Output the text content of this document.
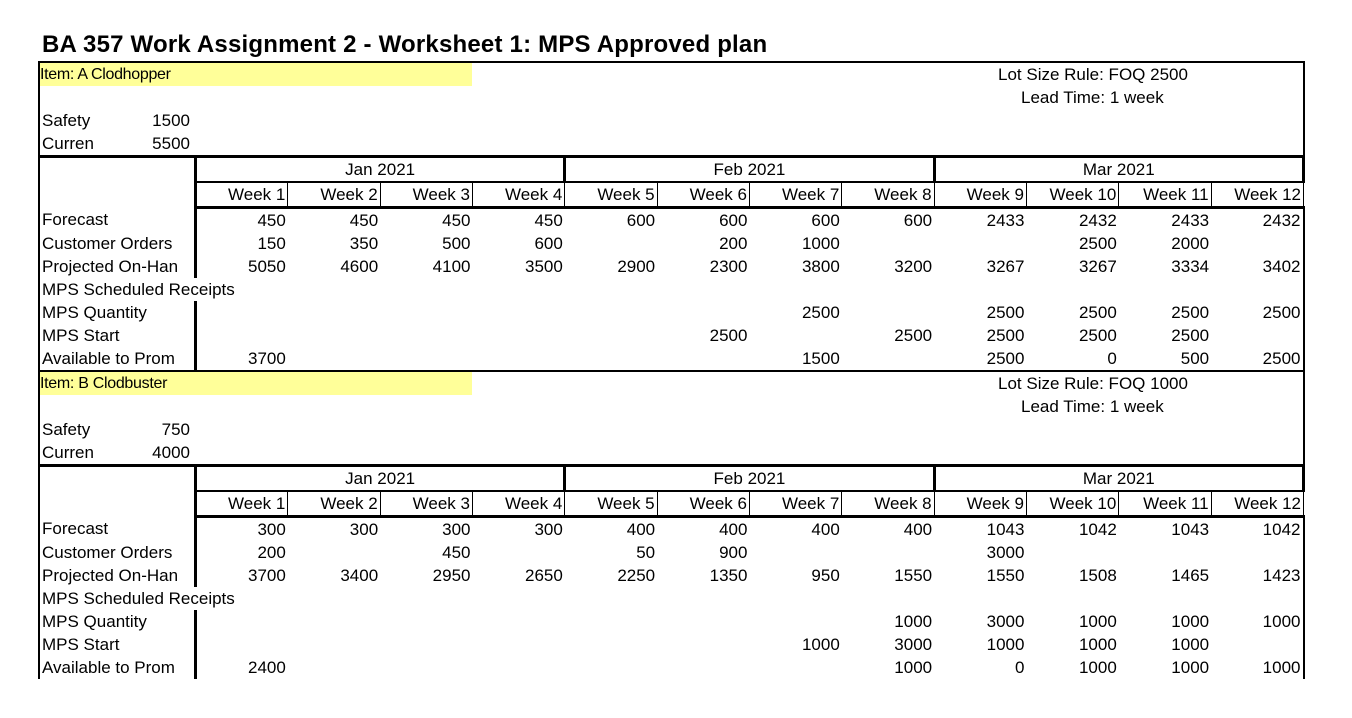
BA 357 Work Assignment 2 - Worksheet 1: MPS Approved plan
Item: A Clodhopper	Lot Size Rule: FOQ 2500
Lead Time: 1 week
Safety	1500
Curren	5500
	Jan 2021				Feb 2021				Mar 2021			
	Week 1	Week 2	Week 3	Week 4	Week 5	Week 6	Week 7	Week 8	Week 9	Week 10	Week 11	Week 12
Forecast	450	450	450	450	600	600	600	600	2433	2432	2433	2432
Customer Orders	150	350	500	600		200	1000			2500	2000	
Projected On-Han	5050	4600	4100	3500	2900	2300	3800	3200	3267	3267	3334	3402
MPS Scheduled Receipts												
MPS Quantity							2500		2500	2500	2500	2500
MPS Start						2500		2500	2500	2500	2500	
Available to Prom	3700						1500		2500	0	500	2500
Item: B Clodbuster	Lot Size Rule: FOQ 1000
Lead Time: 1 week
Safety	750
Curren	4000
	Jan 2021				Feb 2021				Mar 2021			
	Week 1	Week 2	Week 3	Week 4	Week 5	Week 6	Week 7	Week 8	Week 9	Week 10	Week 11	Week 12
Forecast	300	300	300	300	400	400	400	400	1043	1042	1043	1042
Customer Orders	200		450		50	900			3000			
Projected On-Han	3700	3400	2950	2650	2250	1350	950	1550	1550	1508	1465	1423
MPS Scheduled Receipts												
MPS Quantity								1000	3000	1000	1000	1000
MPS Start							1000	3000	1000	1000	1000	
Available to Prom	2400							1000	0	1000	1000	1000
